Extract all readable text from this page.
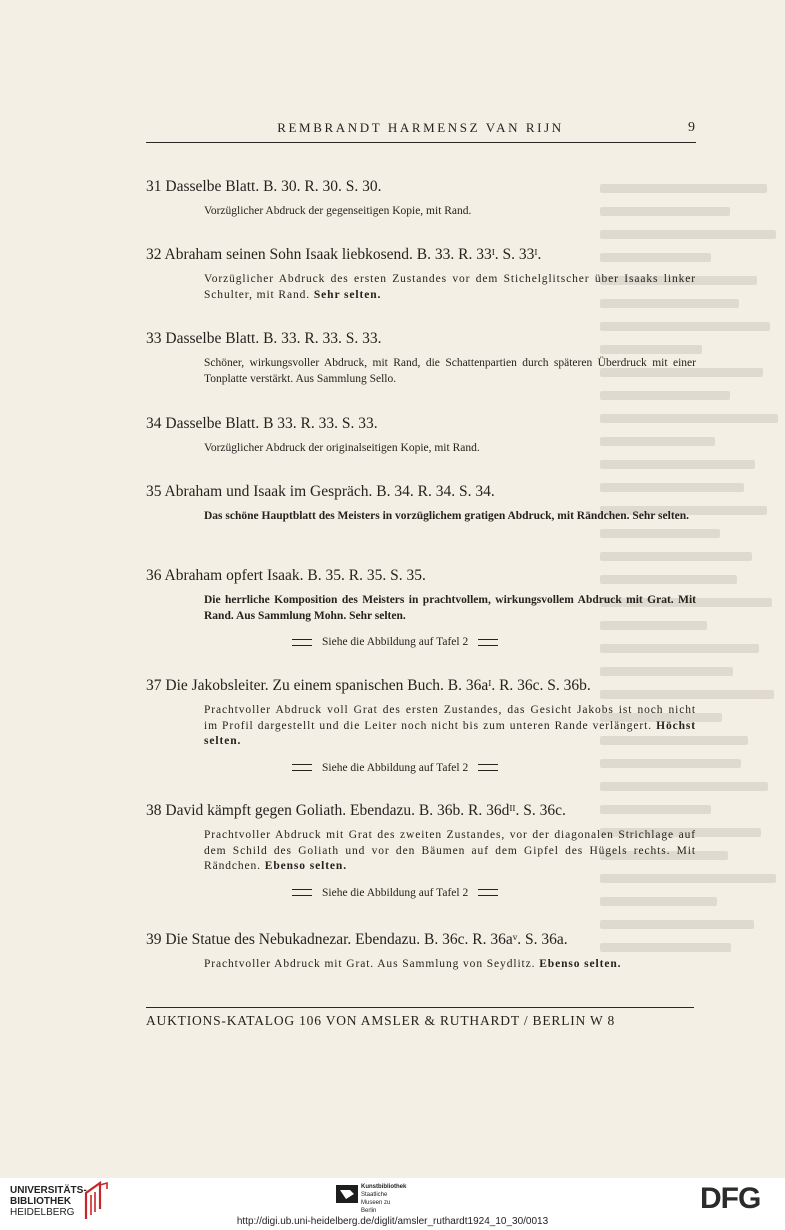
REMBRANDT HARMENSZ VAN RIJN	9
31 Dasselbe Blatt. B. 30. R. 30. S. 30.
Vorzüglicher Abdruck der gegenseitigen Kopie, mit Rand.
32 Abraham seinen Sohn Isaak liebkosend. B. 33. R. 33ᴵ. S. 33ᴵ.
Vorzüglicher Abdruck des ersten Zustandes vor dem Stichelglitscher über Isaaks linker Schulter, mit Rand. Sehr selten.
33 Dasselbe Blatt. B. 33. R. 33. S. 33.
Schöner, wirkungsvoller Abdruck, mit Rand, die Schattenpartien durch späteren Überdruck mit einer Tonplatte verstärkt. Aus Sammlung Sello.
34 Dasselbe Blatt. B 33. R. 33. S. 33.
Vorzüglicher Abdruck der originalseitigen Kopie, mit Rand.
35 Abraham und Isaak im Gespräch. B. 34. R. 34. S. 34.
Das schöne Hauptblatt des Meisters in vorzüglichem gratigen Abdruck, mit Rändchen. Sehr selten.
36 Abraham opfert Isaak. B. 35. R. 35. S. 35.
Die herrliche Komposition des Meisters in prachtvollem, wirkungsvollem Abdruck mit Grat. Mit Rand. Aus Sammlung Mohn. Sehr selten.
Siehe die Abbildung auf Tafel 2
37 Die Jakobsleiter. Zu einem spanischen Buch. B. 36aᴵ. R. 36c. S. 36b.
Prachtvoller Abdruck voll Grat des ersten Zustandes, das Gesicht Jakobs ist noch nicht im Profil dargestellt und die Leiter noch nicht bis zum unteren Rande verlängert. Höchst selten.
Siehe die Abbildung auf Tafel 2
38 David kämpft gegen Goliath. Ebendazu. B. 36b. R. 36dᴵᴵ. S. 36c.
Prachtvoller Abdruck mit Grat des zweiten Zustandes, vor der diagonalen Strichlage auf dem Schild des Goliath und vor den Bäumen auf dem Gipfel des Hügels rechts. Mit Rändchen. Ebenso selten.
Siehe die Abbildung auf Tafel 2
39 Die Statue des Nebukadnezar. Ebendazu. B. 36c. R. 36aᵛ. S. 36a.
Prachtvoller Abdruck mit Grat. Aus Sammlung von Seydlitz. Ebenso selten.
AUKTIONS-KATALOG 106 VON AMSLER & RUTHARDT / BERLIN W 8
UNIVERSITÄTS-
BIBLIOTHEK
HEIDELBERG
Kunstbibliothek
Staatliche Museen zu Berlin	DFG
http://digi.ub.uni-heidelberg.de/diglit/amsler_ruthardt1924_10_30/0013
